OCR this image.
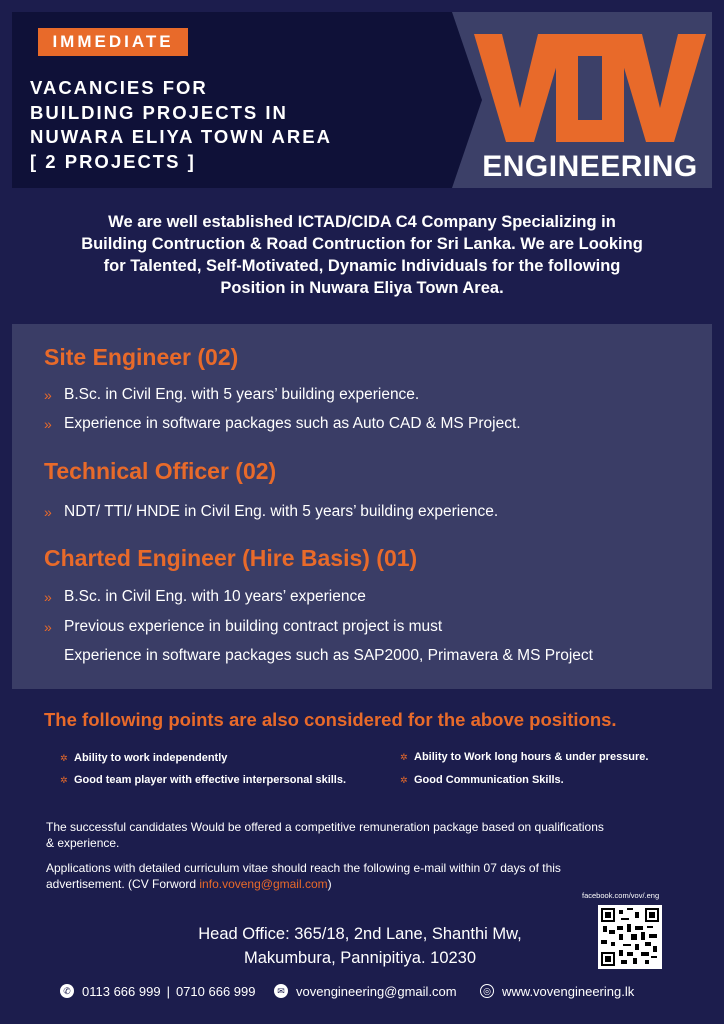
IMMEDIATE
VACANCIES FOR
BUILDING PROJECTS IN
NUWARA ELIYA TOWN AREA
[ 2 PROJECTS ]	ENGINEERING
We are well established ICTAD/CIDA C4 Company Specializing in
Building Contruction & Road Contruction for Sri Lanka. We are Looking
for Talented, Self-Motivated, Dynamic Individuals for the following
Position in Nuwara Eliya Town Area.
Site Engineer (02)
» B.Sc. in Civil Eng. with 5 years’ building experience.
» Experience in software packages such as Auto CAD & MS Project.
Technical Officer (02)
» NDT/ TTI/ HNDE in Civil Eng. with 5 years’ building experience.
Charted Engineer (Hire Basis) (01)
» B.Sc. in Civil Eng. with 10 years’ experience
» Previous experience in building contract project is must
Experience in software packages such as SAP2000, Primavera & MS Project
The following points are also considered for the above positions.
✲ Ability to work independently	✲ Ability to Work long hours & under pressure.
✲ Good team player with effective interpersonal skills.	✲ Good Communication Skills.
The successful candidates Would be offered a competitive remuneration package based on qualifications
& experience.
Applications with detailed curriculum vitae should reach the following e-mail within 07 days of this
advertisement. (CV Forword info.voveng@gmail.com)
facebook.com/vov/.eng
Head Office: 365/18, 2nd Lane, Shanthi Mw,
Makumbura, Pannipitiya. 10230
✆ 0113 666 999 | 0710 666 999	✉ vovengineering@gmail.com	◎ www.vovengineering.lk
